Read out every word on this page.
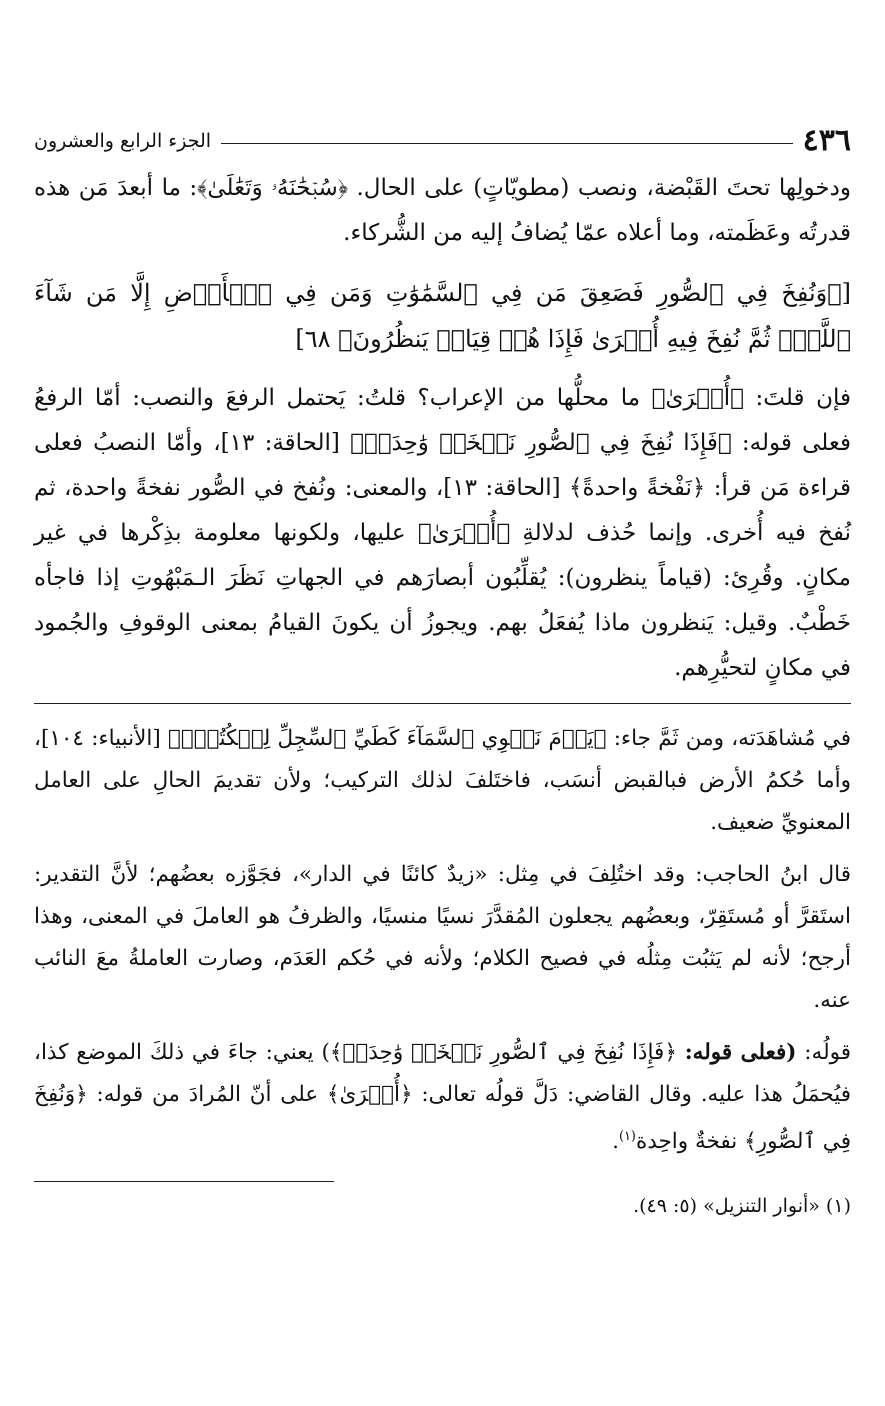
٤٣٦
الجزء الرابع والعشرون

ودخولِها تحتَ القَبْضة، ونصب (مطويّاتٍ) على الحال. ﴿سُبۡحَٰنَهُۥ وَتَعَٰلَىٰ﴾: ما أبعدَ مَن هذه قدرتُه وعَظَمته، وما أعلاه عمّا يُضافُ إليه من الشُّركاء.

[﴿وَنُفِخَ فِي ٱلصُّورِ فَصَعِقَ مَن فِي ٱلسَّمَٰوَٰتِ وَمَن فِي ٱلۡأَرۡضِ إِلَّا مَن شَآءَ ٱللَّهُۖ ثُمَّ نُفِخَ فِيهِ أُخۡرَىٰ فَإِذَا هُمۡ قِيَامٞ يَنظُرُونَ﴾ ٦٨]

فإن قلتَ: ﴿أُخۡرَىٰ﴾ ما محلُّها من الإعراب؟ قلتُ: يَحتمل الرفعَ والنصب: أمّا الرفعُ فعلى قوله: ﴿فَإِذَا نُفِخَ فِي ٱلصُّورِ نَفۡخَةٞ وَٰحِدَةٞ﴾ [الحاقة: ١٣]، وأمّا النصبُ فعلى قراءة مَن قرأ: ﴿نَفْخةً واحدةً﴾ [الحاقة: ١٣]، والمعنى: ونُفخ في الصُّور نفخةً واحدة، ثم نُفخ فيه أُخرى. وإنما حُذف لدلالةِ ﴿أُخۡرَىٰ﴾ عليها، ولكونها معلومة بذِكْرها في غير مكانٍ. وقُرِئ: (قياماً ينظرون): يُقلِّبُون أبصارَهم في الجهاتِ نَظَرَ الـمَبْهُوتِ إذا فاجأه خَطْبٌ. وقيل: يَنظرون ماذا يُفعَلُ بهم. ويجوزُ أن يكونَ القيامُ بمعنى الوقوفِ والجُمود في مكانٍ لتحيُّرِهم.

في مُشاهَدَته، ومن ثَمَّ جاء: ﴿يَوۡمَ نَطۡوِي ٱلسَّمَآءَ كَطَيِّ ٱلسِّجِلِّ لِلۡكُتُبِۚ﴾ [الأنبياء: ١٠٤]، وأما حُكمُ الأرض فبالقبض أنسَب، فاختَلفَ لذلك التركيب؛ ولأن تقديمَ الحالِ على العامل المعنويِّ ضعيف.

قال ابنُ الحاجب: وقد اختُلِفَ في مِثل: «زيدٌ كائنًا في الدار»، فجَوَّزه بعضُهم؛ لأنَّ التقدير: استَقرَّ أو مُستَقِرّ، وبعضُهم يجعلون المُقدَّرَ نسيًا منسيًا، والظرفُ هو العاملَ في المعنى، وهذا أرجح؛ لأنه لم يَثبُت مِثلُه في فصيح الكلام؛ ولأنه في حُكم العَدَم، وصارت العاملةُ معَ النائب عنه.

قولُه: (فعلى قوله: ﴿فَإِذَا نُفِخَ فِي ٱلصُّورِ نَفۡخَةٞ وَٰحِدَةٞ﴾) يعني: جاءَ في ذلكَ الموضع كذا، فيُحمَلُ هذا عليه. وقال القاضي: دَلَّ قولُه تعالى: ﴿أُخۡرَىٰ﴾ على أنّ المُرادَ من قوله: ﴿وَنُفِخَ فِي ٱلصُّورِ﴾ نفخةٌ واحِدة$^{(١)}$.

(١) «أنوار التنزيل» (٥: ٤٩).
